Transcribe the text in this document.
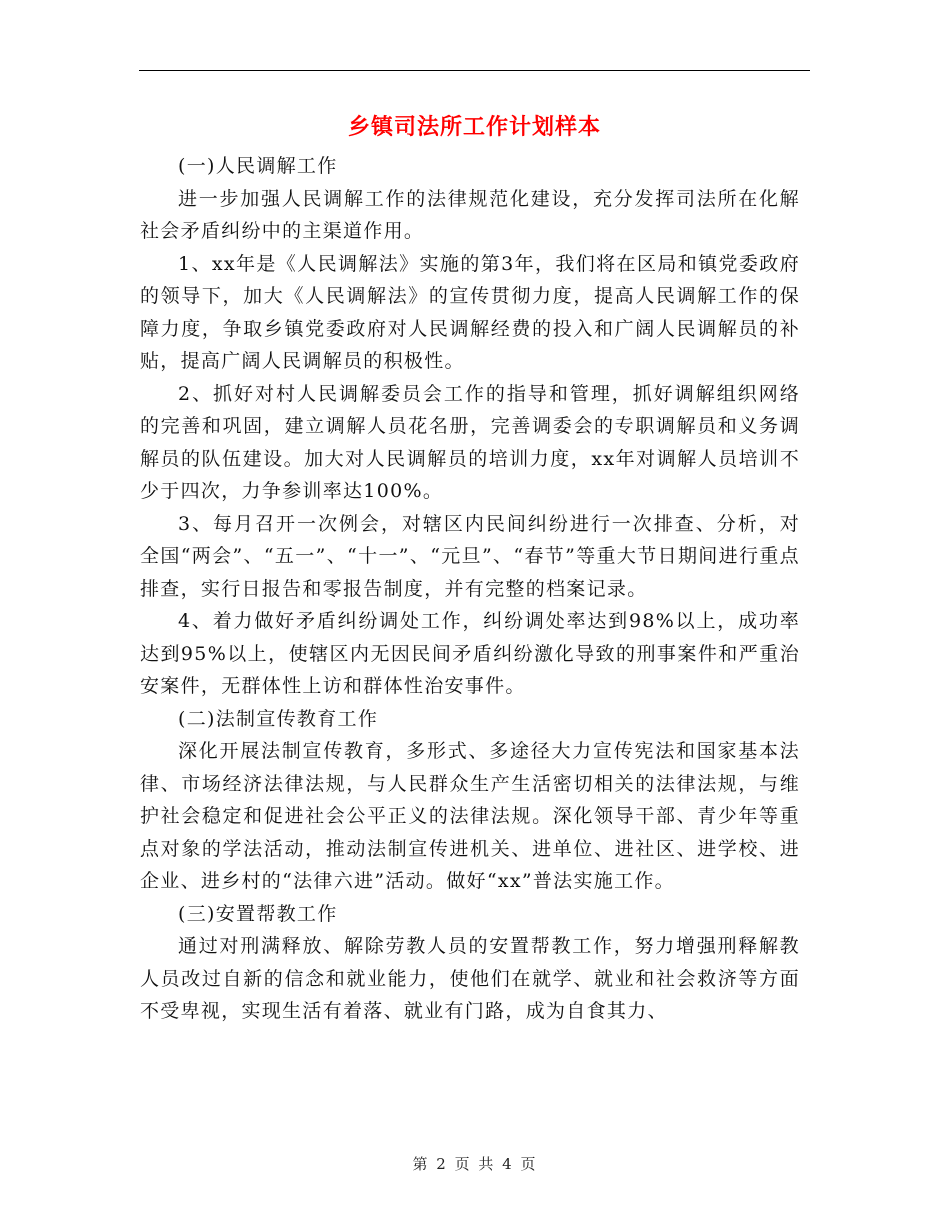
乡镇司法所工作计划样本

(一)人民调解工作

进一步加强人民调解工作的法律规范化建设，充分发挥司法所在化解社会矛盾纠纷中的主渠道作用。

1、xx年是《人民调解法》实施的第3年，我们将在区局和镇党委政府的领导下，加大《人民调解法》的宣传贯彻力度，提高人民调解工作的保障力度，争取乡镇党委政府对人民调解经费的投入和广阔人民调解员的补贴，提高广阔人民调解员的积极性。

2、抓好对村人民调解委员会工作的指导和管理，抓好调解组织网络的完善和巩固，建立调解人员花名册，完善调委会的专职调解员和义务调解员的队伍建设。加大对人民调解员的培训力度，xx年对调解人员培训不少于四次，力争参训率达100%。

3、每月召开一次例会，对辖区内民间纠纷进行一次排查、分析，对全国“两会”、“五一”、“十一”、“元旦”、“春节”等重大节日期间进行重点排查，实行日报告和零报告制度，并有完整的档案记录。

4、着力做好矛盾纠纷调处工作，纠纷调处率达到98%以上，成功率达到95%以上，使辖区内无因民间矛盾纠纷激化导致的刑事案件和严重治安案件，无群体性上访和群体性治安事件。

(二)法制宣传教育工作

深化开展法制宣传教育，多形式、多途径大力宣传宪法和国家基本法律、市场经济法律法规，与人民群众生产生活密切相关的法律法规，与维护社会稳定和促进社会公平正义的法律法规。深化领导干部、青少年等重点对象的学法活动，推动法制宣传进机关、进单位、进社区、进学校、进企业、进乡村的“法律六进”活动。做好“xx”普法实施工作。

(三)安置帮教工作

通过对刑满释放、解除劳教人员的安置帮教工作，努力增强刑释解教人员改过自新的信念和就业能力，使他们在就学、就业和社会救济等方面不受卑视，实现生活有着落、就业有门路，成为自食其力、

第 2 页 共 4 页
